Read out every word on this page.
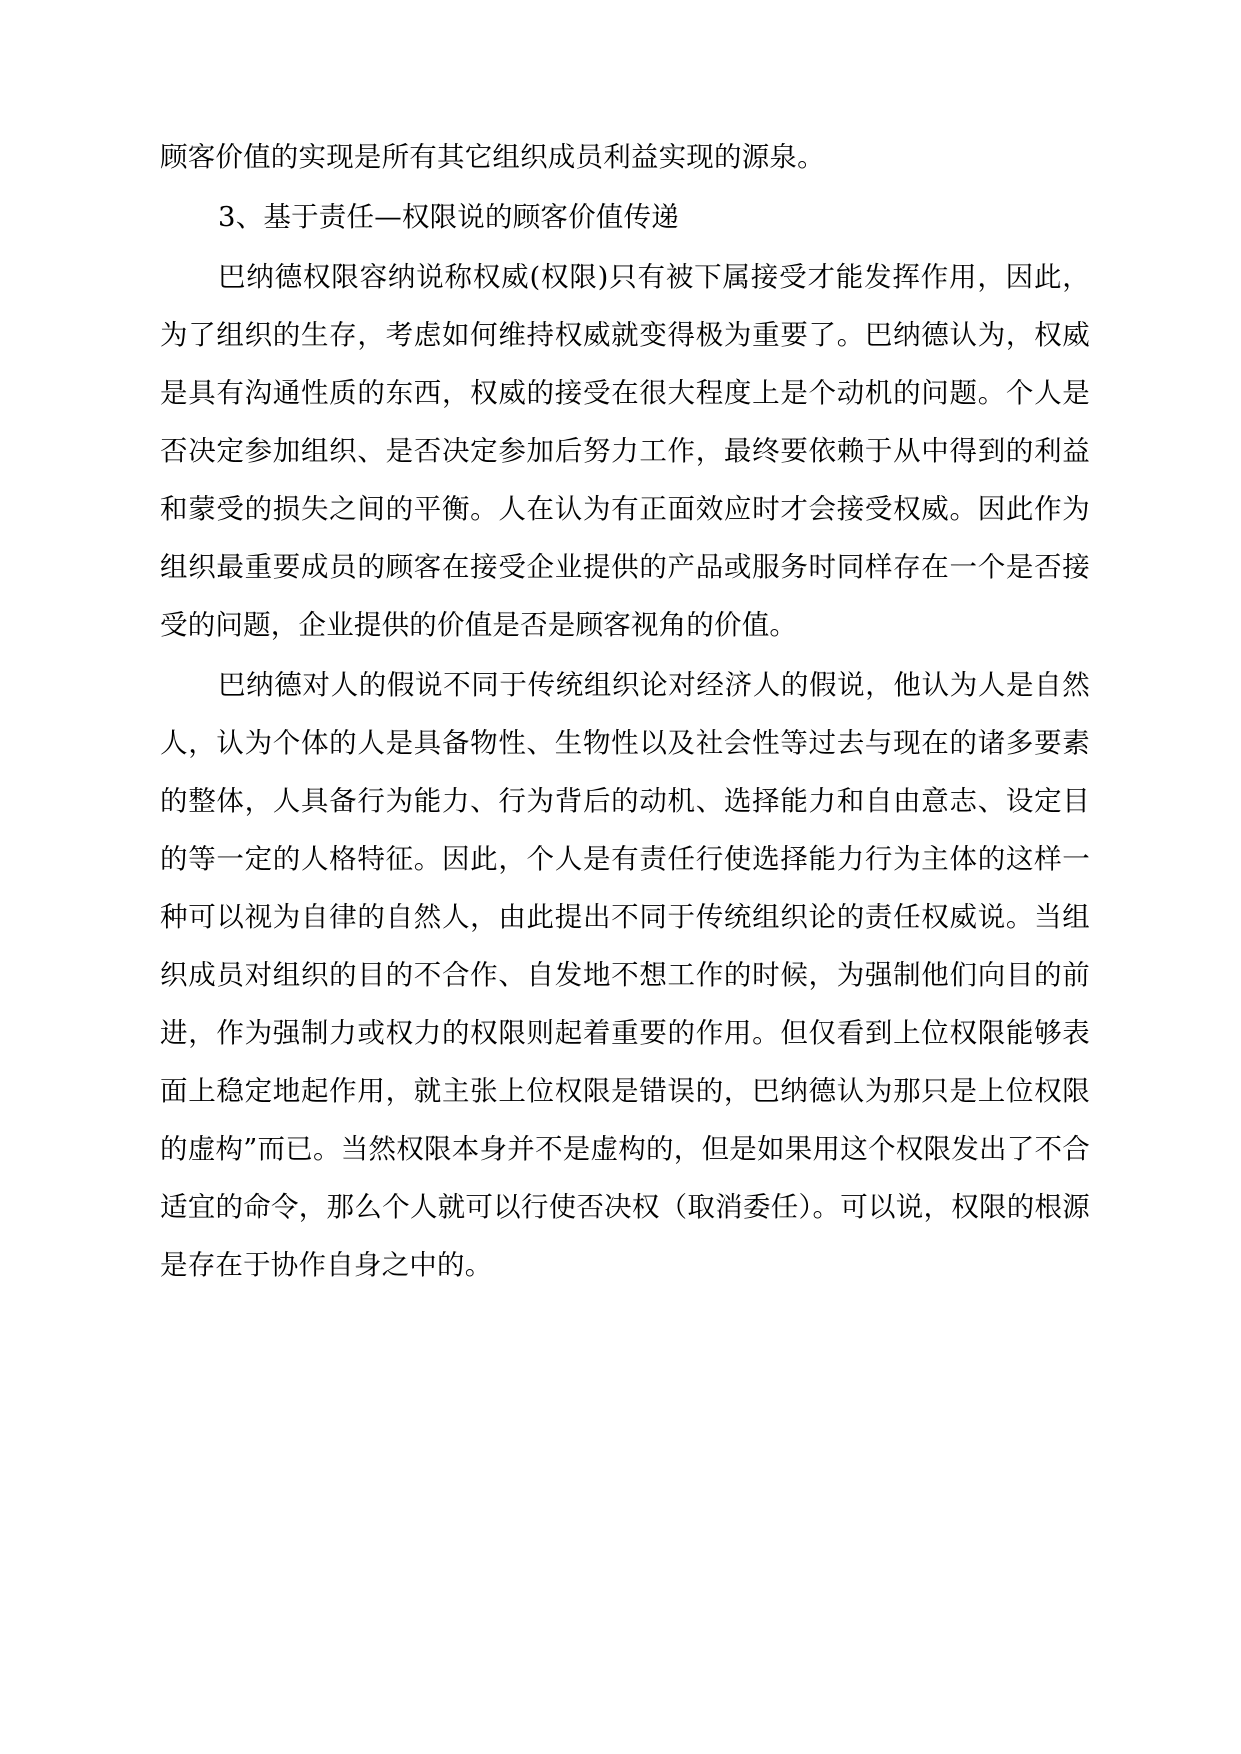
顾客价值的实现是所有其它组织成员利益实现的源泉。

3、基于责任—权限说的顾客价值传递

巴纳德权限容纳说称权威(权限)只有被下属接受才能发挥作用，因此，为了组织的生存，考虑如何维持权威就变得极为重要了。巴纳德认为，权威是具有沟通性质的东西，权威的接受在很大程度上是个动机的问题。个人是否决定参加组织、是否决定参加后努力工作，最终要依赖于从中得到的利益和蒙受的损失之间的平衡。人在认为有正面效应时才会接受权威。因此作为组织最重要成员的顾客在接受企业提供的产品或服务时同样存在一个是否接受的问题，企业提供的价值是否是顾客视角的价值。

巴纳德对人的假说不同于传统组织论对经济人的假说，他认为人是自然人，认为个体的人是具备物性、生物性以及社会性等过去与现在的诸多要素的整体，人具备行为能力、行为背后的动机、选择能力和自由意志、设定目的等一定的人格特征。因此，个人是有责任行使选择能力行为主体的这样一种可以视为自律的自然人，由此提出不同于传统组织论的责任权威说。当组织成员对组织的目的不合作、自发地不想工作的时候，为强制他们向目的前进，作为强制力或权力的权限则起着重要的作用。但仅看到上位权限能够表面上稳定地起作用，就主张上位权限是错误的，巴纳德认为那只是上位权限的虚构”而已。当然权限本身并不是虚构的，但是如果用这个权限发出了不合适宜的命令，那么个人就可以行使否决权（取消委任）。可以说，权限的根源是存在于协作自身之中的。
